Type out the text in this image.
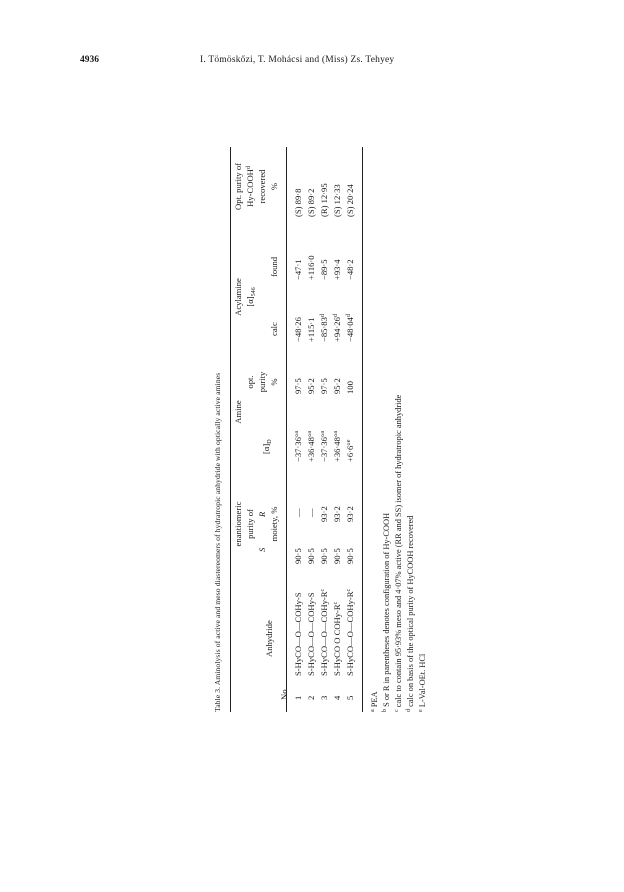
4936	I. Tömöskőzi, T. Mohácsi and (Miss) Zs. Tehyey
Table 3. Aminolysis of active and meso diastereomers of hydratropic anhydride with optically active amines	No.
Anhydride
enantiomeric purity of
S
R moiety, %
Amine
$[\alpha]_D$
opt. purity %
Acylamine $[\alpha]_{546}$
calc
found
Opt. purity of Hy-COOH$^d$
recovered %
1
S-HyCO—O—COHy-S
90·5
—
−37·36°$^a$
97·5
−48·26
−47·1
(S) 89·8
2
S-HyCO—O—COHy-S
90·5
—
+36·48°$^a$
95·2
+115·1
+116·0
(S) 89·2
3
$S-HyCO—O—COHy-R^c$
90·5
93·2
−37·36°$^a$
97·5
$-85\cdot 83^d$
−89·5
(R) 12·95
4
S-HyCO O COHy-$R^c$
90·5
93·2
+36·48°$^a$
95·2
$+94\cdot 26^d$
+93·4
(S) 12·33
5
$S-HyCO—O—COHy-R^c$
90·5
93·2
+6·6°$^e$
100
$-48\cdot 04^d$
−48·2
(S) 20·24
$^a$ PEA
$^b$ S or R in parentheses denotes configuration of Hy-COOH
$^c$ calc to contain 95·93% meso and 4·07% active (RR and SS) isomer of hydratropic anhydride
$^d$ calc on basis of the optical purity of HyCOOH recovered
$^e$ L-Val-OEt. HCl
